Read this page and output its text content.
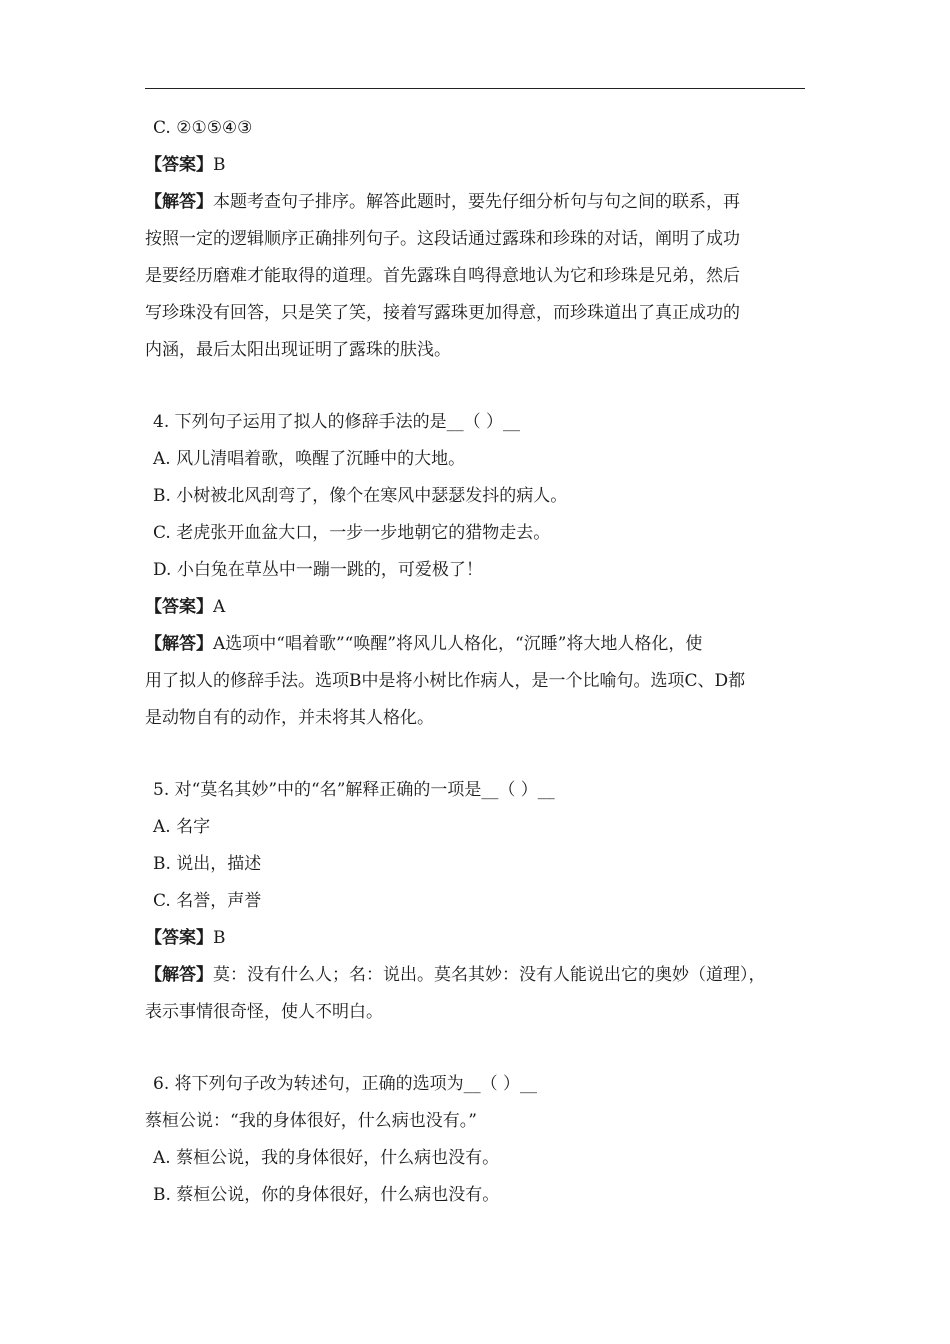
C. ②①⑤④③
【答案】B
【解答】本题考查句子排序。解答此题时，要先仔细分析句与句之间的联系，再
按照一定的逻辑顺序正确排列句子。这段话通过露珠和珍珠的对话，阐明了成功
是要经历磨难才能取得的道理。首先露珠自鸣得意地认为它和珍珠是兄弟，然后
写珍珠没有回答，只是笑了笑，接着写露珠更加得意，而珍珠道出了真正成功的
内涵，最后太阳出现证明了露珠的肤浅。
4. 下列句子运用了拟人的修辞手法的是__（ ）__
A. 风儿清唱着歌，唤醒了沉睡中的大地。
B. 小树被北风刮弯了，像个在寒风中瑟瑟发抖的病人。
C. 老虎张开血盆大口，一步一步地朝它的猎物走去。
D. 小白兔在草丛中一蹦一跳的，可爱极了！
【答案】A
【解答】A选项中“唱着歌”“唤醒”将风儿人格化，“沉睡”将大地人格化，使
用了拟人的修辞手法。选项B中是将小树比作病人，是一个比喻句。选项C、D都
是动物自有的动作，并未将其人格化。
5. 对“莫名其妙”中的“名”解释正确的一项是__（ ）__
A. 名字
B. 说出，描述
C. 名誉，声誉
【答案】B
【解答】莫：没有什么人；名：说出。莫名其妙：没有人能说出它的奥妙（道理），
表示事情很奇怪，使人不明白。
6. 将下列句子改为转述句，正确的选项为__（ ）__
蔡桓公说：“我的身体很好，什么病也没有。”
A. 蔡桓公说，我的身体很好，什么病也没有。
B. 蔡桓公说，你的身体很好，什么病也没有。
